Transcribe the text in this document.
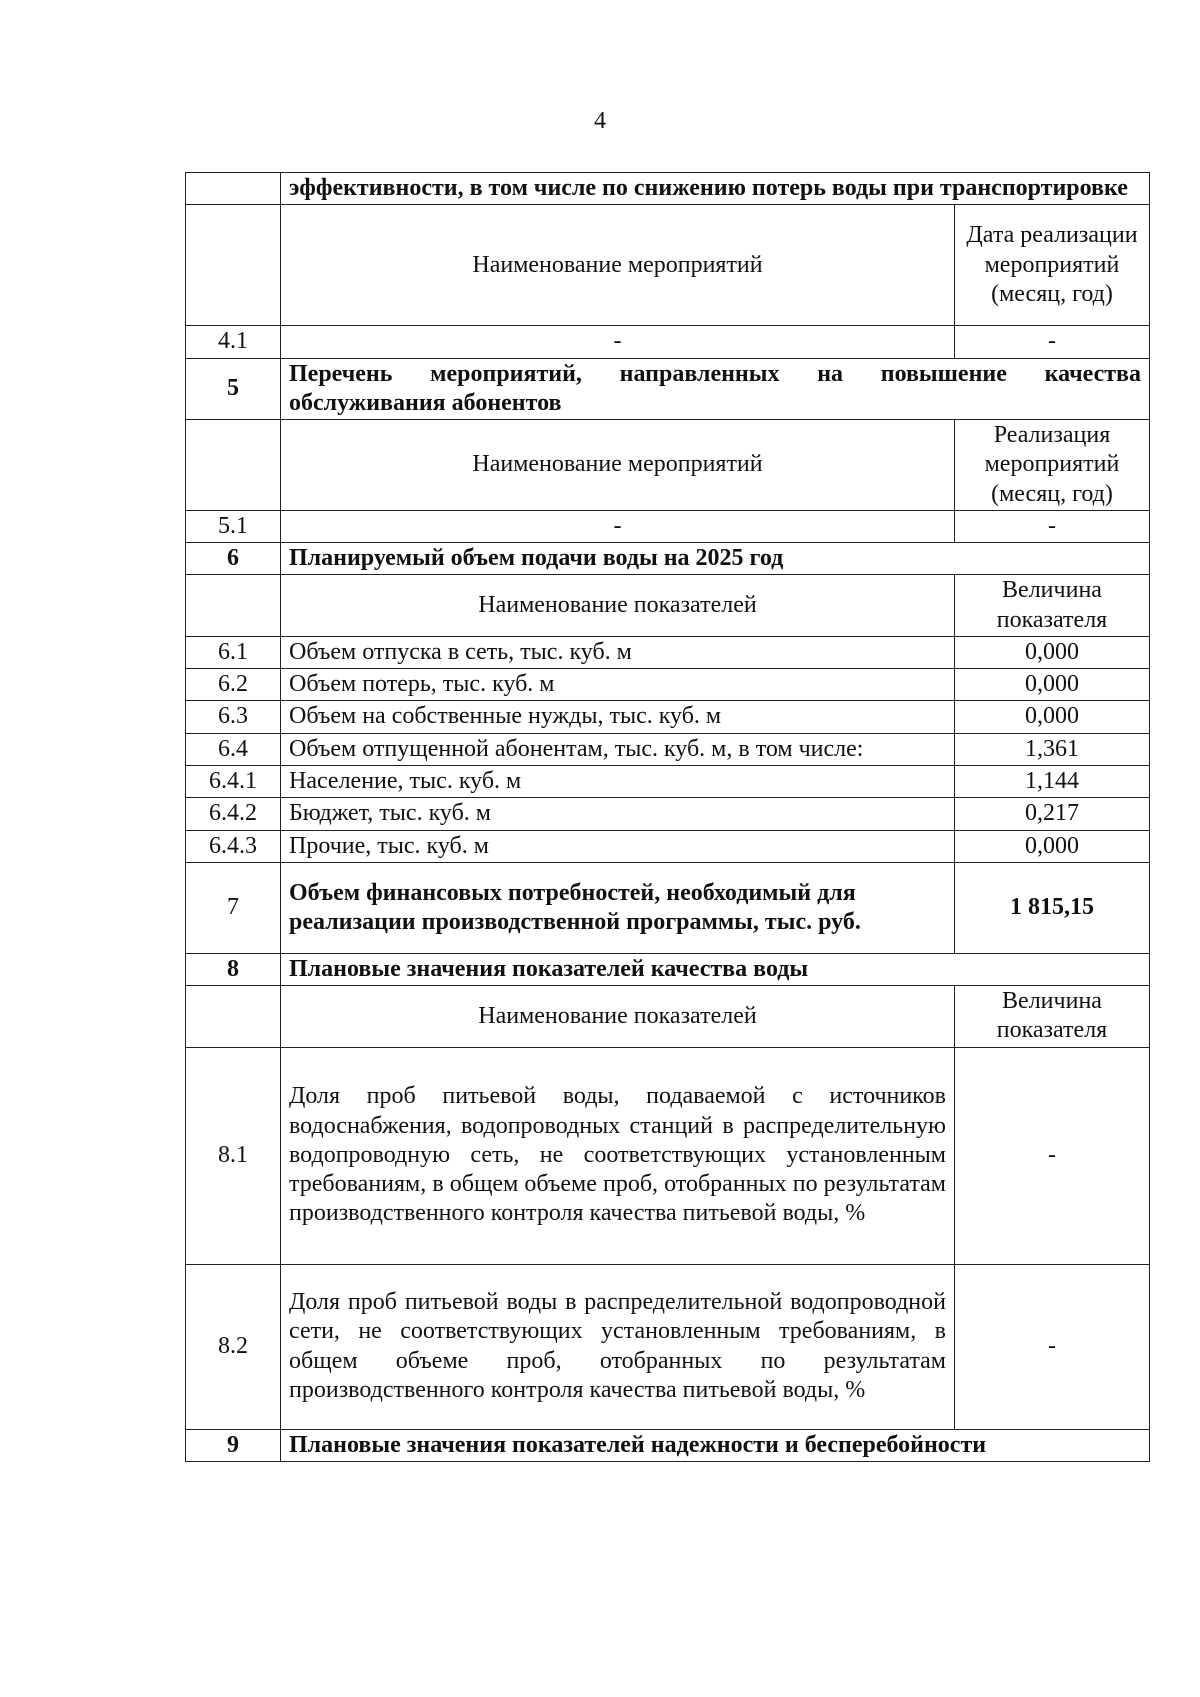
4
	эффективности, в том числе по снижению потерь воды при транспортировке	
	Наименование мероприятий	Дата реализации мероприятий (месяц, год)
4.1	-	-
5	Перечень мероприятий, направленных на повышение качества обслуживания абонентов	
	Наименование мероприятий	Реализация мероприятий (месяц, год)
5.1	-	-
6	Планируемый объем подачи воды на 2025 год	
	Наименование показателей	Величина показателя
6.1	Объем отпуска в сеть, тыс. куб. м	0,000
6.2	Объем потерь, тыс. куб. м	0,000
6.3	Объем на собственные нужды, тыс. куб. м	0,000
6.4	Объем отпущенной абонентам, тыс. куб. м, в том числе:	1,361
6.4.1	Население, тыс. куб. м	1,144
6.4.2	Бюджет, тыс. куб. м	0,217
6.4.3	Прочие, тыс. куб. м	0,000
7	Объем финансовых потребностей, необходимый для реализации производственной программы, тыс. руб.	1 815,15
8	Плановые значения показателей качества воды	
	Наименование показателей	Величина показателя
8.1	Доля проб питьевой воды, подаваемой с источников водоснабжения, водопроводных станций в распределительную водопроводную сеть, не соответствующих установленным требованиям, в общем объеме проб, отобранных по результатам производственного контроля качества питьевой воды, %	-
8.2	Доля проб питьевой воды в распределительной водопроводной сети, не соответствующих установленным требованиям, в общем объеме проб, отобранных по результатам производственного контроля качества питьевой воды, %	-
9	Плановые значения показателей надежности и бесперебойности	
